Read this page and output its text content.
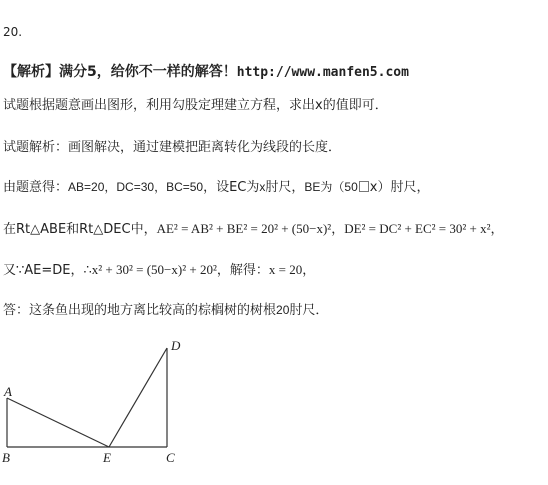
20.
【解析】满分5，给你不一样的解答！http://www.manfen5.com
试题根据题意画出图形，利用勾股定理建立方程，求出x的值即可．
试题解析：画图解决，通过建模把距离转化为线段的长度．
由题意得：AB=20，DC=30，BC=50，设EC为x肘尺，BE为（50 x）肘尺，
在Rt△ABE和Rt△DEC中，AE² = AB² + BE² = 20² + (50−x)²，DE² = DC² + EC² = 30² + x²，
又∵AE=DE，∴x² + 30² = (50−x)² + 20²，解得：x = 20，
答：这条鱼出现的地方离比较高的棕榈树的树根20肘尺．
A
B	E	C
D
